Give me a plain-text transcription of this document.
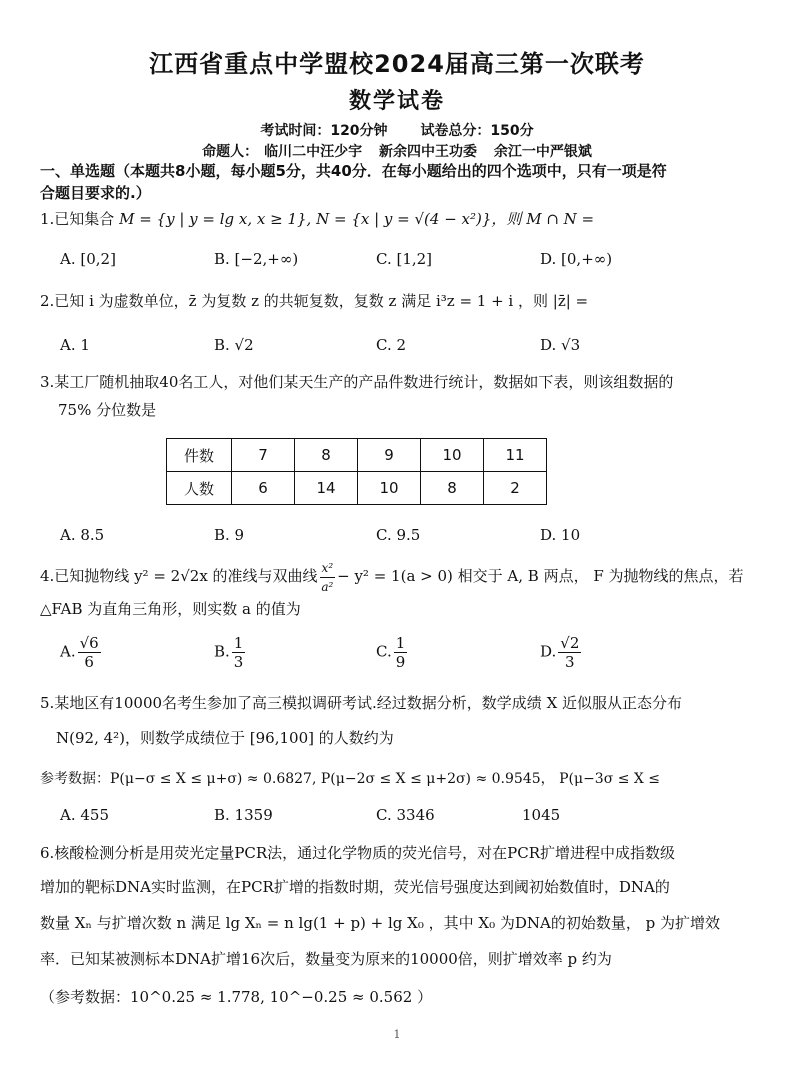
江西省重点中学盟校2024届高三第一次联考
数学试卷
考试时间：120分钟 试卷总分：150分
命题人： 临川二中汪少宇 新余四中王功委 余江一中严银斌
一、单选题（本题共8小题，每小题5分，共40分．在每小题给出的四个选项中，只有一项是符
合题目要求的.）
1.已知集合 M = {y | y = lg x, x ≥ 1}, N = {x | y = √(4 − x²)}，则 M ∩ N =
A. [0,2]	B. [−2,+∞)	C. [1,2]	D. [0,+∞)
2.已知 i 为虚数单位，z̄ 为复数 z 的共轭复数，复数 z 满足 i³z = 1 + i ，则 |z̄| =
A. 1	B. √2	C. 2	D. √3
3.某工厂随机抽取40名工人，对他们某天生产的产品件数进行统计，数据如下表，则该组数据的
75% 分位数是
件数	7	8	9	10	11
人数	6	14	10	8	2
A. 8.5	B. 9	C. 9.5	D. 10
4.已知抛物线 y² = 2√2x 的准线与双曲线 $\frac{\text{x²}}{\text{a²}} - y^2 = 1(a > 0)$ 相交于 A, B 两点， F 为抛物线的焦点，若
△FAB 为直角三角形，则实数 a 的值为
A. $\frac{√6}{6}$	B. $\frac{1}{3}$	C. $\frac{1}{9}$	D. $\frac{√2}{3}$
5.某地区有10000名考生参加了高三模拟调研考试.经过数据分析，数学成绩 X 近似服从正态分布
N(92, 4²)，则数学成绩位于 [96,100] 的人数约为
参考数据：P(μ−σ ≤ X ≤ μ+σ) ≈ 0.6827, P(μ−2σ ≤ X ≤ μ+2σ) ≈ 0.9545， P(μ−3σ ≤ X ≤
A. 455	B. 1359	C. 3346	1045
6.核酸检测分析是用荧光定量PCR法，通过化学物质的荧光信号，对在PCR扩增进程中成指数级
增加的靶标DNA实时监测，在PCR扩增的指数时期，荧光信号强度达到阈初始数值时，DNA的
数量 Xₙ 与扩增次数 n 满足 lg Xₙ = n lg(1 + p) + lg X₀ ，其中 X₀ 为DNA的初始数量， p 为扩增效
率．已知某被测标本DNA扩增16次后，数量变为原来的10000倍，则扩增效率 p 约为
（参考数据：10^0.25 ≈ 1.778, 10^−0.25 ≈ 0.562 ）
1
